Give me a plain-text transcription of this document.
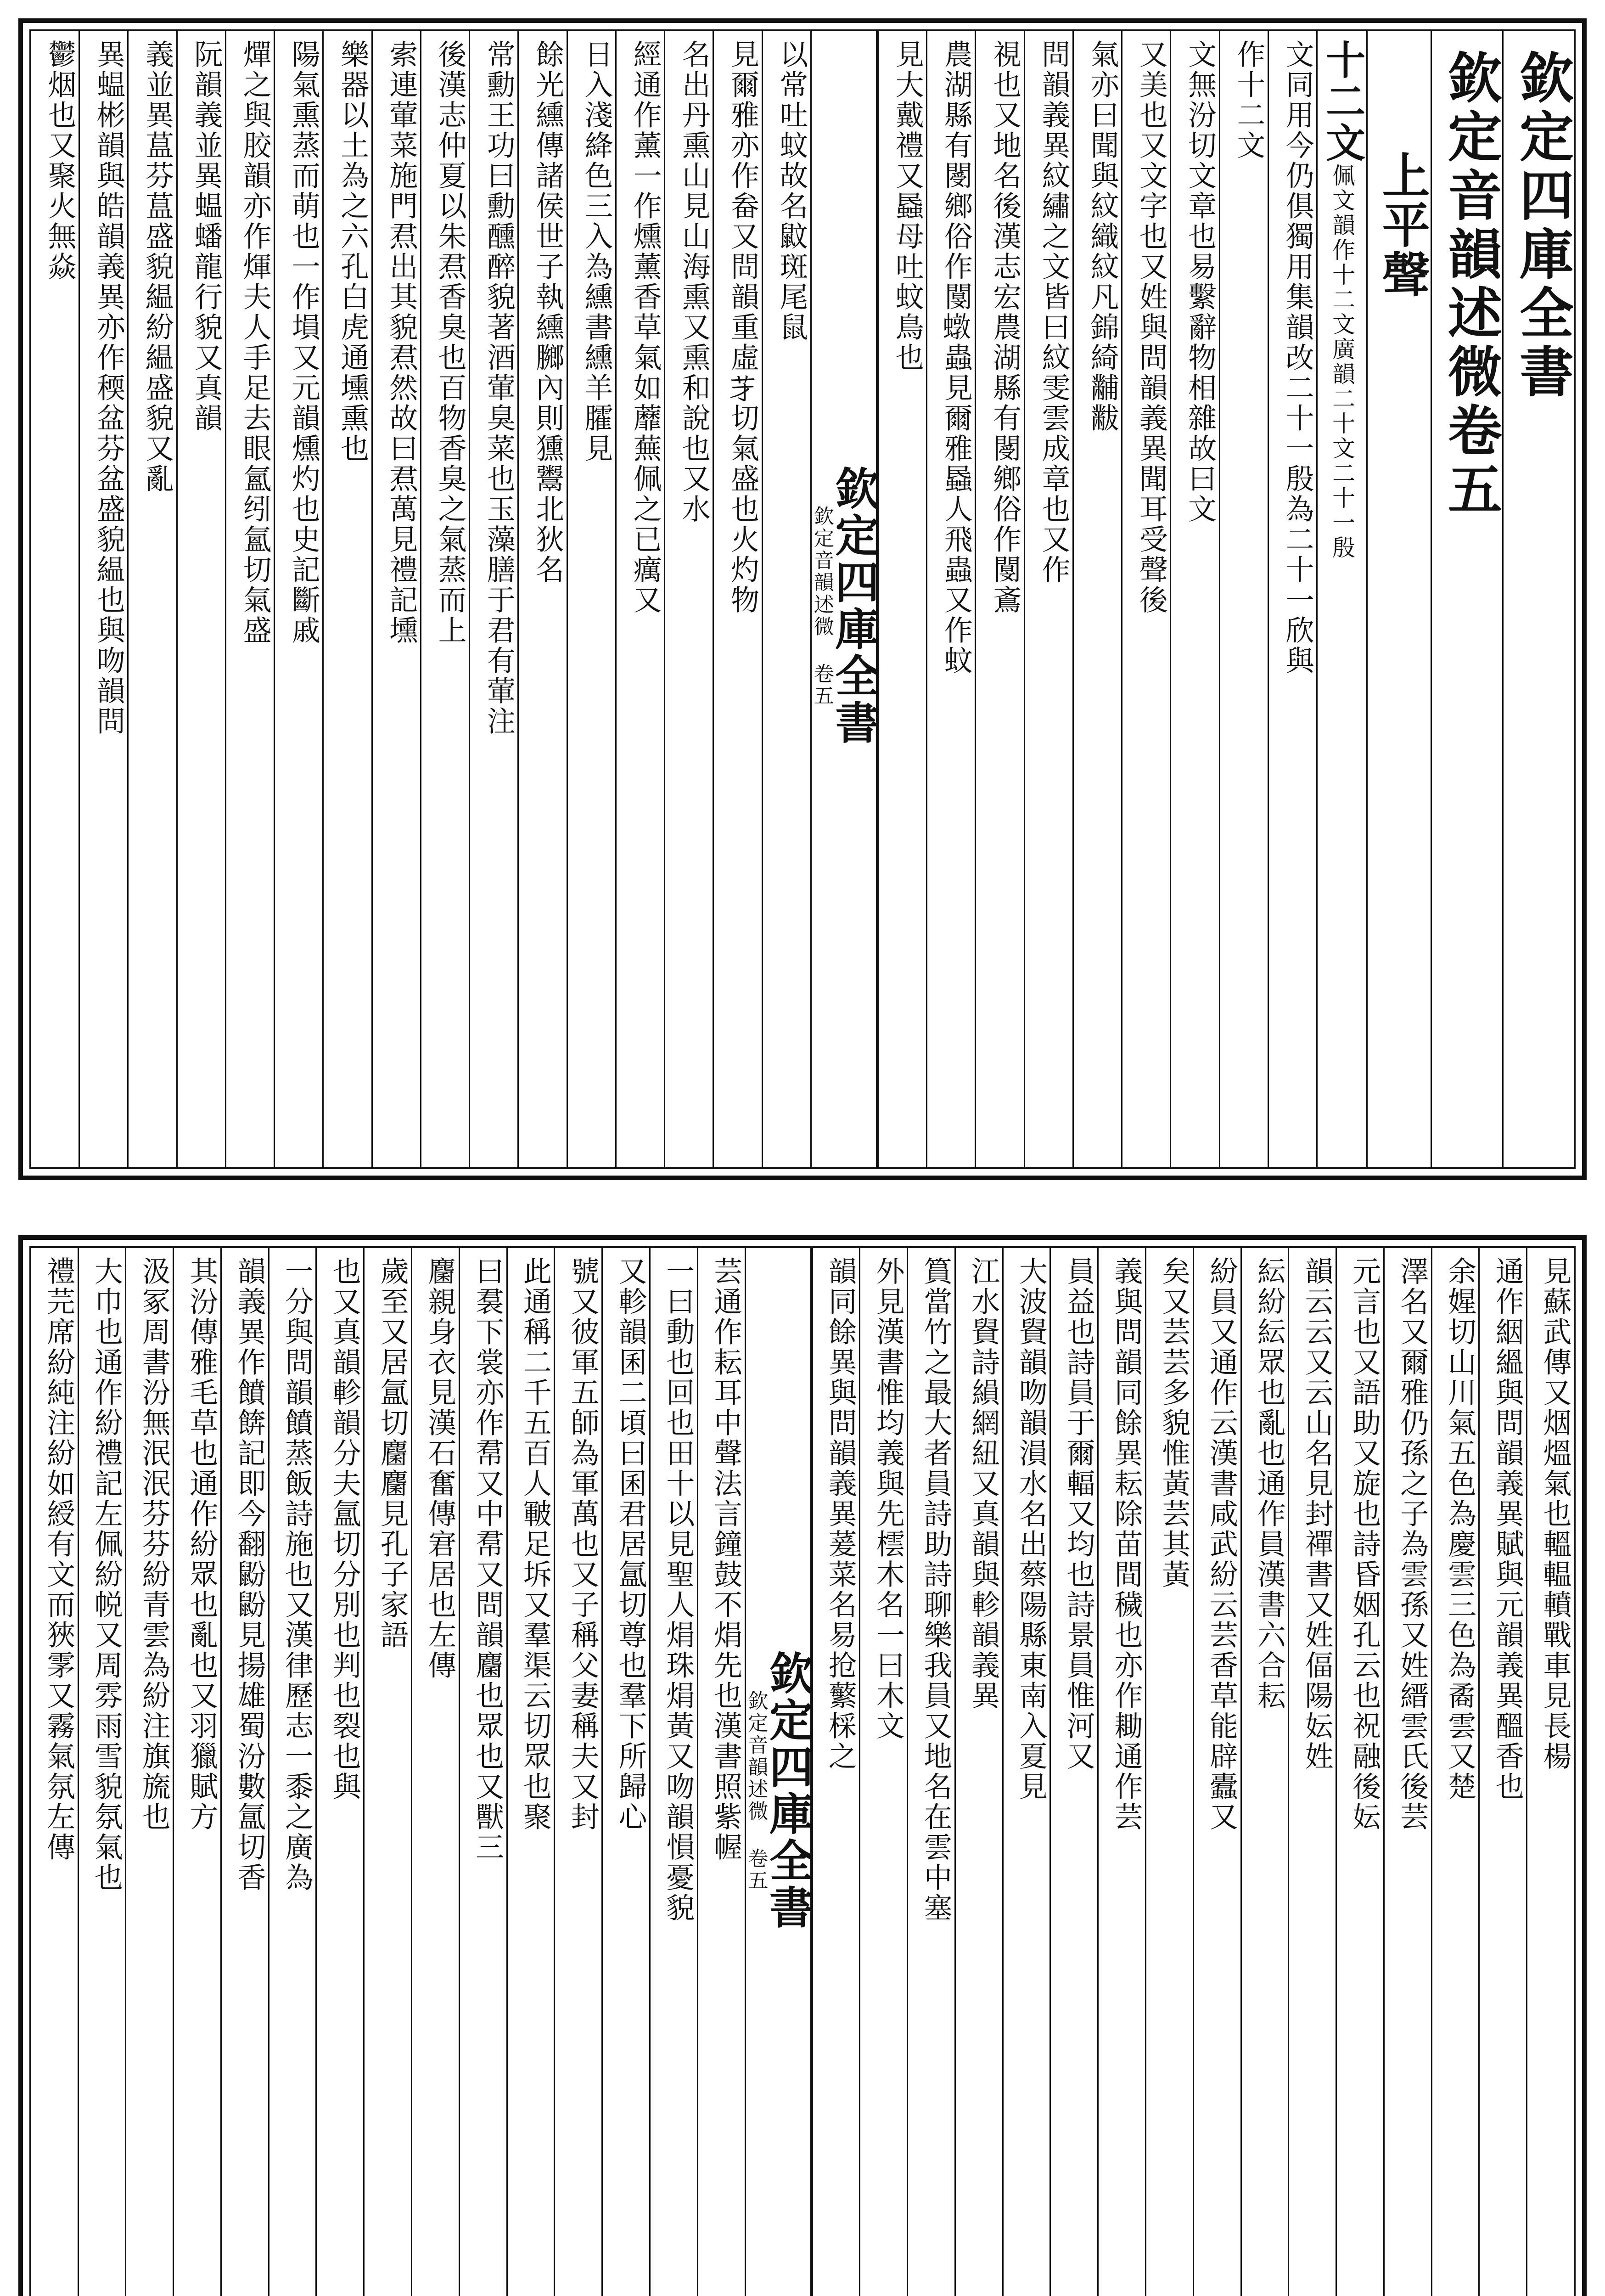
欽定四庫全書
欽定音韻述微卷五
上平聲
十二文佩文韻作十二文廣韻二十文二十一殷
文同用今仍俱獨用集韻改二十一殷為二十一欣與
作十二文
文無汾切文章也易繫辭物相雜故曰文
又美也又文字也又姓與問韻義異聞耳受聲後
氣亦曰聞與紋織紋凡錦綺黼黻
問韻義異紋繡之文皆曰紋雯雲成章也又作
視也又地名後漢志宏農湖縣有閿鄉俗作閺鴍
農湖縣有閿鄉俗作閺𧑒蟲見爾雅蟁人飛蟲又作蚊
見大戴禮又蟁母吐蚊鳥也
欽定四庫全書
欽定音韻述微 卷五
以常吐蚊故名鼤斑尾鼠
見爾雅亦作畚又問韻重虛𦬁切氣盛也火灼物
名出丹熏山見山海熏又熏和說也又水
經通作薰一作燻薰香草氣如蘼蕪佩之已癘又
日入淺絳色三入為纁書纁羊臛見
餘光纁傳諸侯世子執纁膷內則獯鬻北狄名
常勳王功曰勳醺醉貌著酒葷臭菜也玉藻膳于君有葷注
後漢志仲夏以朱焄香臭也百物香臭之氣蒸而上
索連葷菜施門焄出其貌焄然故曰焄萬見禮記壎
樂器以土為之六孔白虎通壎熏也
陽氣熏蒸而萌也一作塤又元韻燻灼也史記斷戚
燀之與㬵韻亦作煇夫人手足去眼氳纼氳切氣盛
阮韻義並異蝹蟠龍行貌又真韻
義並異蒀芬蒀盛貌緼紛緼盛貌又亂
異蝹彬韻與皓韻義異亦作稬盆芬盆盛貌緼也與吻韻問
鬱烟也又聚火無焱
見蘇武傳又烟熅氣也轀輼轒戰車見長楊
通作絪縕與問韻義異賦與元韻義異醞香也
余𡟙切山川氣五色為慶雲三色為矞雲又楚
澤名又爾雅仍孫之子為雲孫又姓縉雲氏後芸
元言也又語助又旋也詩昏姻孔云也祝融後妘
韻云云又云山名見封禪書又姓偪陽妘姓
紜紛紜眾也亂也通作員漢書六合耘
紛員又通作云漢書咸武紛云芸香草能辟蠹又
矣又芸芸多貌惟黃芸其黃
義與問韻同餘異耘除苗間穢也亦作耡通作芸
員益也詩員于爾輻又均也詩景員惟河又
大波䝿韻吻韻溳水名出蔡陽縣東南入夏見
江水䝿詩縜網紐又真韻與軫韻義異
篔當竹之最大者員詩助詩聊樂我員又地名在雲中塞
外見漢書惟均義與先橒木名一曰木文
韻同餘異與問韻義異萲菜名易抢蘩棌之
欽定四庫全書
欽定音韻述微 卷五
芸通作耘耳中聲法言鐘鼓不焆先也漢書照紫幄
一曰動也回也田十以見聖人焆珠焆黃又吻韻愪憂貌
又軫韻囷二頃曰囷君居氲切尊也羣下所歸心
號又彼軍五師為軍萬也又子稱父妻稱夫又封
此通稱二千五百人皸足坼又羣渠云切眾也聚
曰裠下裳亦作帬又中帬又問韻麕也眾也又獸三
麕親身衣見漢石奮傳宭居也左傳
歲至又居氲切麕麕見孔子家語
也又真韻軫韻分夫氲切分別也判也裂也與
一分與問韻饙蒸飯詩施也又漢律歷志一黍之廣為
韻義異作饙餴記即今翻鼢鼢見揚雄蜀汾數氲切香
其汾傳雅毛草也通作紛眾也亂也又羽獵賦方
汲冢周書汾無泯泯芬芬紛青雲為紛注旗旒也
大巾也通作紛禮記左佩紛帨又周雰雨雪貌氛氣也
禮芫席紛純注紛如綬有文而狹雺又霧氣氛左傳
